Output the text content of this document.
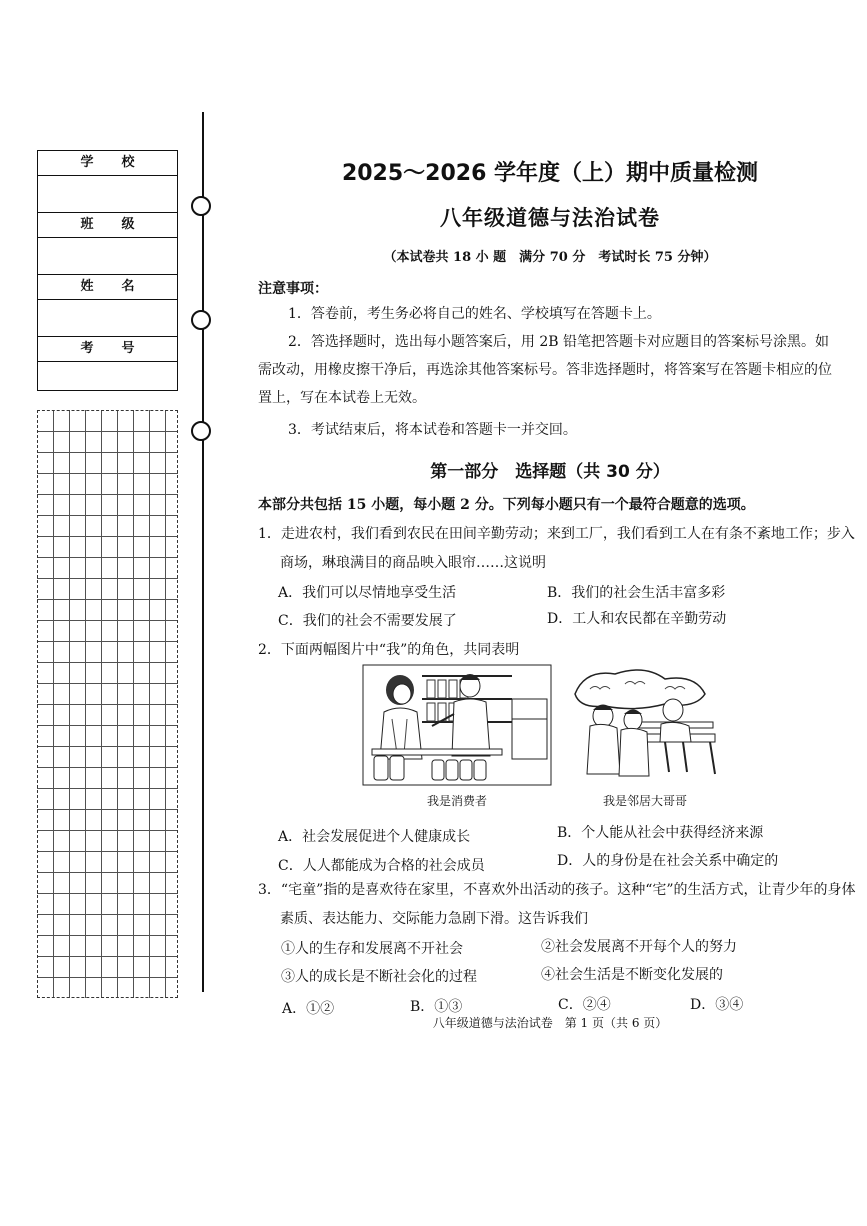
学校
班级
姓名
考号
2025～2026 学年度（上）期中质量检测
八年级道德与法治试卷
（本试卷共 18 小 题　满分 70 分　考试时长 75 分钟）
注意事项：
1．答卷前，考生务必将自己的姓名、学校填写在答题卡上。
2．答选择题时，选出每小题答案后，用 2B 铅笔把答题卡对应题目的答案标号涂黑。如需改动，用橡皮擦干净后，再选涂其他答案标号。答非选择题时，将答案写在答题卡相应的位置上，写在本试卷上无效。
3．考试结束后，将本试卷和答题卡一并交回。
第一部分　选择题（共 30 分）
本部分共包括 15 小题，每小题 2 分。下列每小题只有一个最符合题意的选项。
1．走进农村，我们看到农民在田间辛勤劳动；来到工厂，我们看到工人在有条不紊地工作；步入商场，琳琅满目的商品映入眼帘……这说明
A．我们可以尽情地享受生活	B．我们的社会生活丰富多彩
C．我们的社会不需要发展了	D．工人和农民都在辛勤劳动
2．下面两幅图片中“我”的角色，共同表明
我是消费者	我是邻居大哥哥
A．社会发展促进个人健康成长	B．个人能从社会中获得经济来源
C．人人都能成为合格的社会成员	D．人的身份是在社会关系中确定的
3．“宅童”指的是喜欢待在家里，不喜欢外出活动的孩子。这种“宅”的生活方式，让青少年的身体素质、表达能力、交际能力急剧下滑。这告诉我们
①人的生存和发展离不开社会	②社会发展离不开每个人的努力
③人的成长是不断社会化的过程	④社会生活是不断变化发展的
A．①②	B．①③	C．②④	D．③④
八年级道德与法治试卷　第 1 页（共 6 页）
